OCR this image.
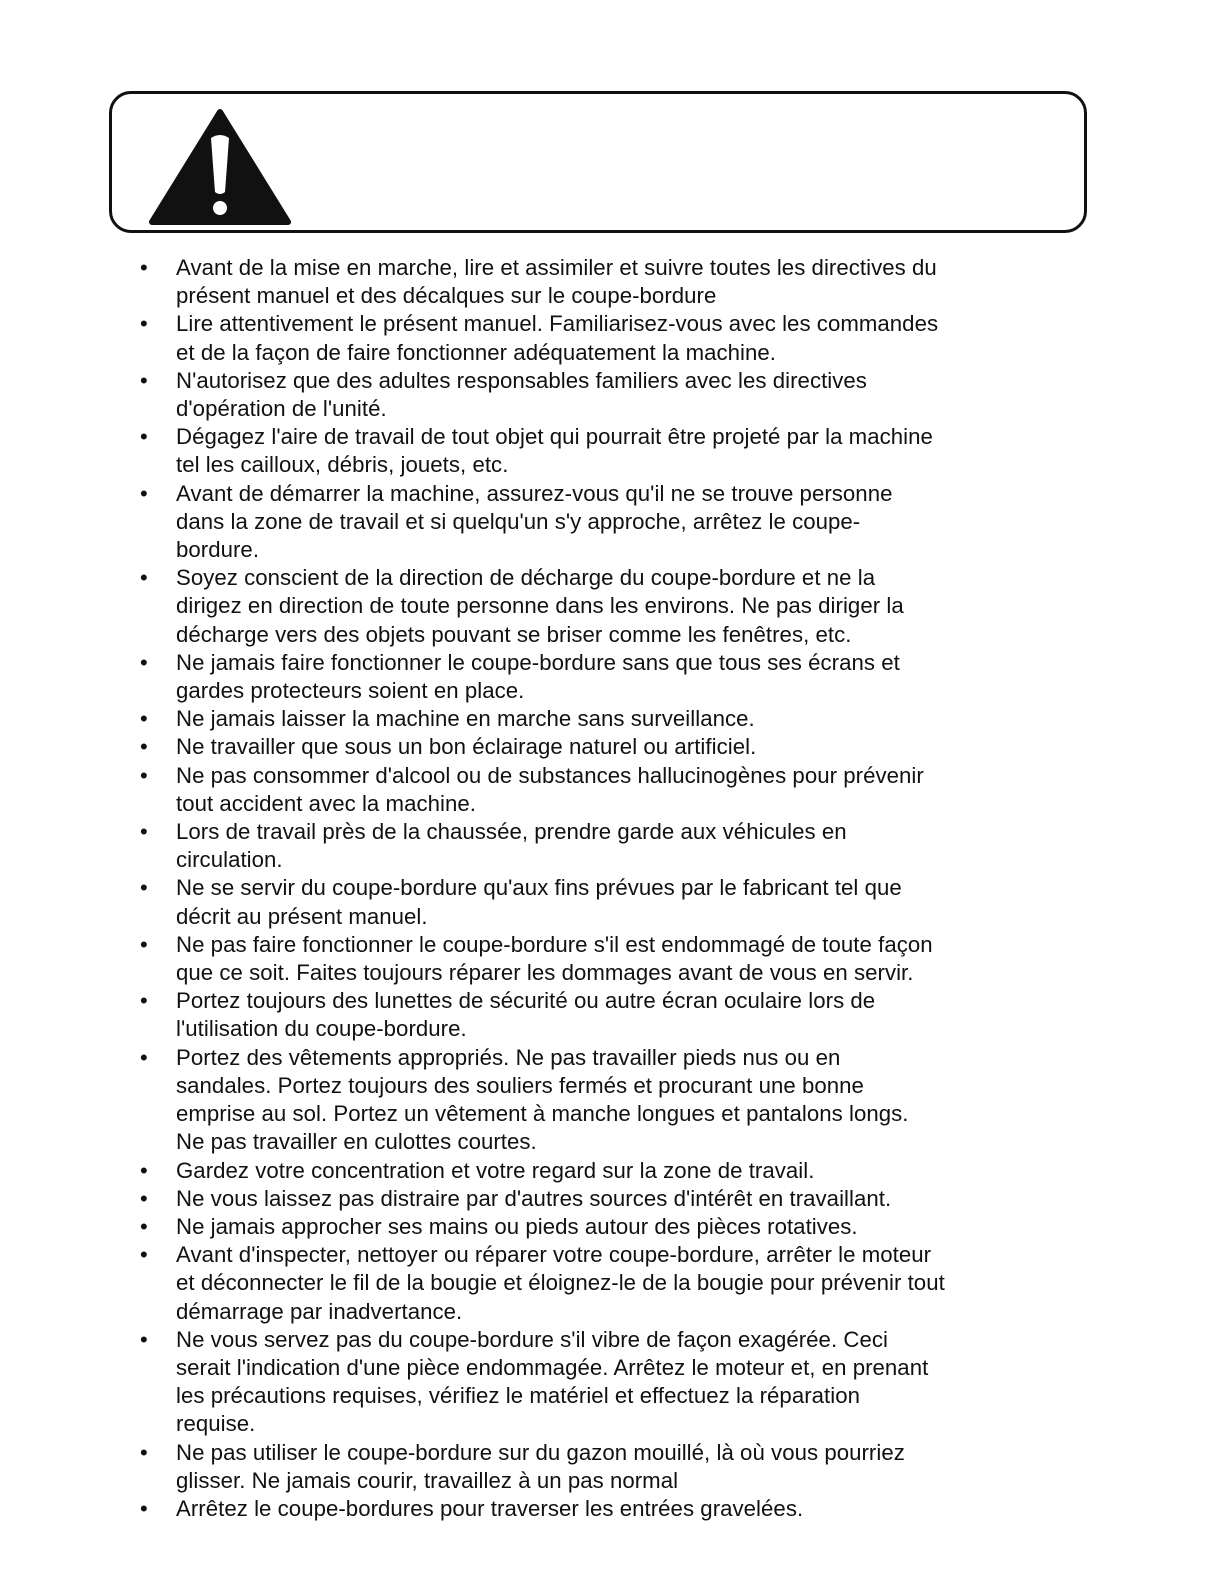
• Avant de la mise en marche, lire et assimiler et suivre toutes les directives du
présent manuel et des décalques sur le coupe-bordure
• Lire attentivement le présent manuel. Familiarisez-vous avec les commandes
et de la façon de faire fonctionner adéquatement la machine.
• N'autorisez que des adultes responsables familiers avec les directives
d'opération de l'unité.
• Dégagez l'aire de travail de tout objet qui pourrait être projeté par la machine
tel les cailloux, débris, jouets, etc.
• Avant de démarrer la machine, assurez-vous qu'il ne se trouve personne
dans la zone de travail et si quelqu'un s'y approche, arrêtez le coupe-
bordure.
• Soyez conscient de la direction de décharge du coupe-bordure et ne la
dirigez en direction de toute personne dans les environs. Ne pas diriger la
décharge vers des objets pouvant se briser comme les fenêtres, etc.
• Ne jamais faire fonctionner le coupe-bordure sans que tous ses écrans et
gardes protecteurs soient en place.
• Ne jamais laisser la machine en marche sans surveillance.
• Ne travailler que sous un bon éclairage naturel ou artificiel.
• Ne pas consommer d'alcool ou de substances hallucinogènes pour prévenir
tout accident avec la machine.
• Lors de travail près de la chaussée, prendre garde aux véhicules en
circulation.
• Ne se servir du coupe-bordure qu'aux fins prévues par le fabricant tel que
décrit au présent manuel.
• Ne pas faire fonctionner le coupe-bordure s'il est endommagé de toute façon
que ce soit. Faites toujours réparer les dommages avant de vous en servir.
• Portez toujours des lunettes de sécurité ou autre écran oculaire lors de
l'utilisation du coupe-bordure.
• Portez des vêtements appropriés. Ne pas travailler pieds nus ou en
sandales. Portez toujours des souliers fermés et procurant une bonne
emprise au sol. Portez un vêtement à manche longues et pantalons longs.
Ne pas travailler en culottes courtes.
• Gardez votre concentration et votre regard sur la zone de travail.
• Ne vous laissez pas distraire par d'autres sources d'intérêt en travaillant.
• Ne jamais approcher ses mains ou pieds autour des pièces rotatives.
• Avant d'inspecter, nettoyer ou réparer votre coupe-bordure, arrêter le moteur
et déconnecter le fil de la bougie et éloignez-le de la bougie pour prévenir tout
démarrage par inadvertance.
• Ne vous servez pas du coupe-bordure s'il vibre de façon exagérée. Ceci
serait l'indication d'une pièce endommagée. Arrêtez le moteur et, en prenant
les précautions requises, vérifiez le matériel et effectuez la réparation
requise.
• Ne pas utiliser le coupe-bordure sur du gazon mouillé, là où vous pourriez
glisser. Ne jamais courir, travaillez à un pas normal
• Arrêtez le coupe-bordures pour traverser les entrées gravelées.
